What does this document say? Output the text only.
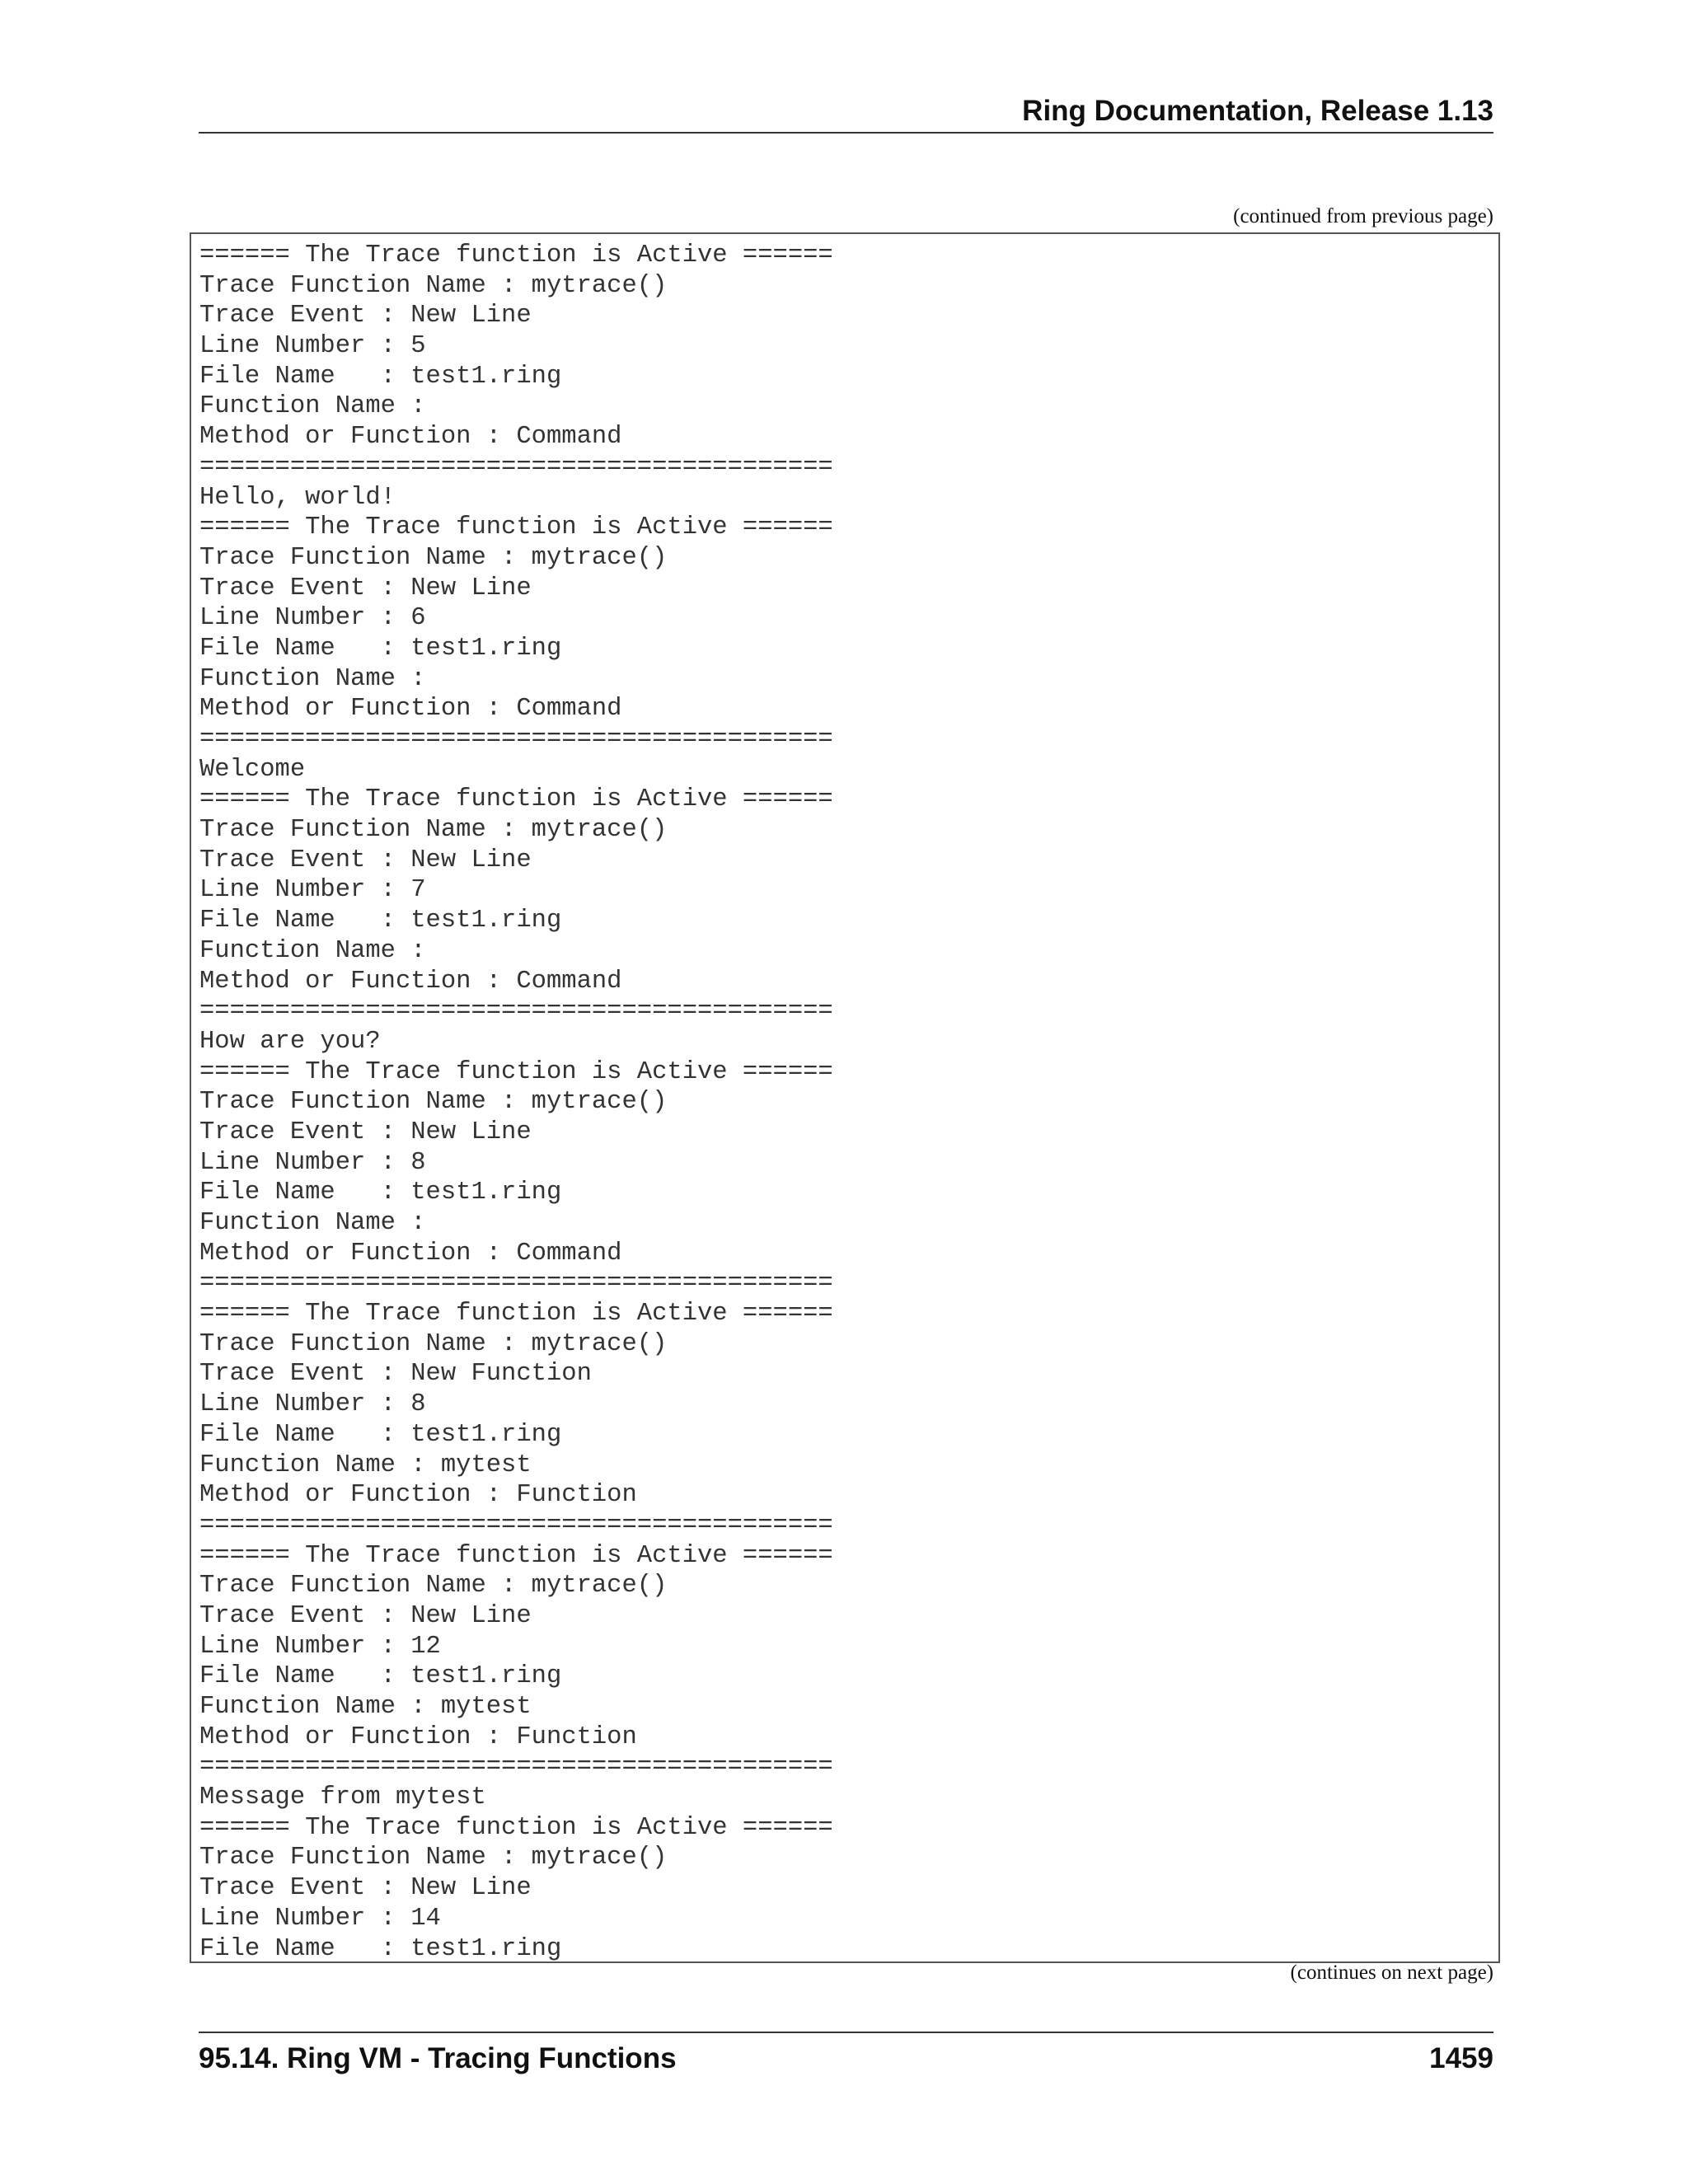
Ring Documentation, Release 1.13
(continued from previous page)
====== The Trace function is Active ======
Trace Function Name : mytrace()
Trace Event : New Line
Line Number : 5
File Name   : test1.ring
Function Name :
Method or Function : Command
==========================================
Hello, world!
====== The Trace function is Active ======
Trace Function Name : mytrace()
Trace Event : New Line
Line Number : 6
File Name   : test1.ring
Function Name :
Method or Function : Command
==========================================
Welcome
====== The Trace function is Active ======
Trace Function Name : mytrace()
Trace Event : New Line
Line Number : 7
File Name   : test1.ring
Function Name :
Method or Function : Command
==========================================
How are you?
====== The Trace function is Active ======
Trace Function Name : mytrace()
Trace Event : New Line
Line Number : 8
File Name   : test1.ring
Function Name :
Method or Function : Command
==========================================
====== The Trace function is Active ======
Trace Function Name : mytrace()
Trace Event : New Function
Line Number : 8
File Name   : test1.ring
Function Name : mytest
Method or Function : Function
==========================================
====== The Trace function is Active ======
Trace Function Name : mytrace()
Trace Event : New Line
Line Number : 12
File Name   : test1.ring
Function Name : mytest
Method or Function : Function
==========================================
Message from mytest
====== The Trace function is Active ======
Trace Function Name : mytrace()
Trace Event : New Line
Line Number : 14
File Name   : test1.ring
(continues on next page)
95.14. Ring VM - Tracing Functions	1459
